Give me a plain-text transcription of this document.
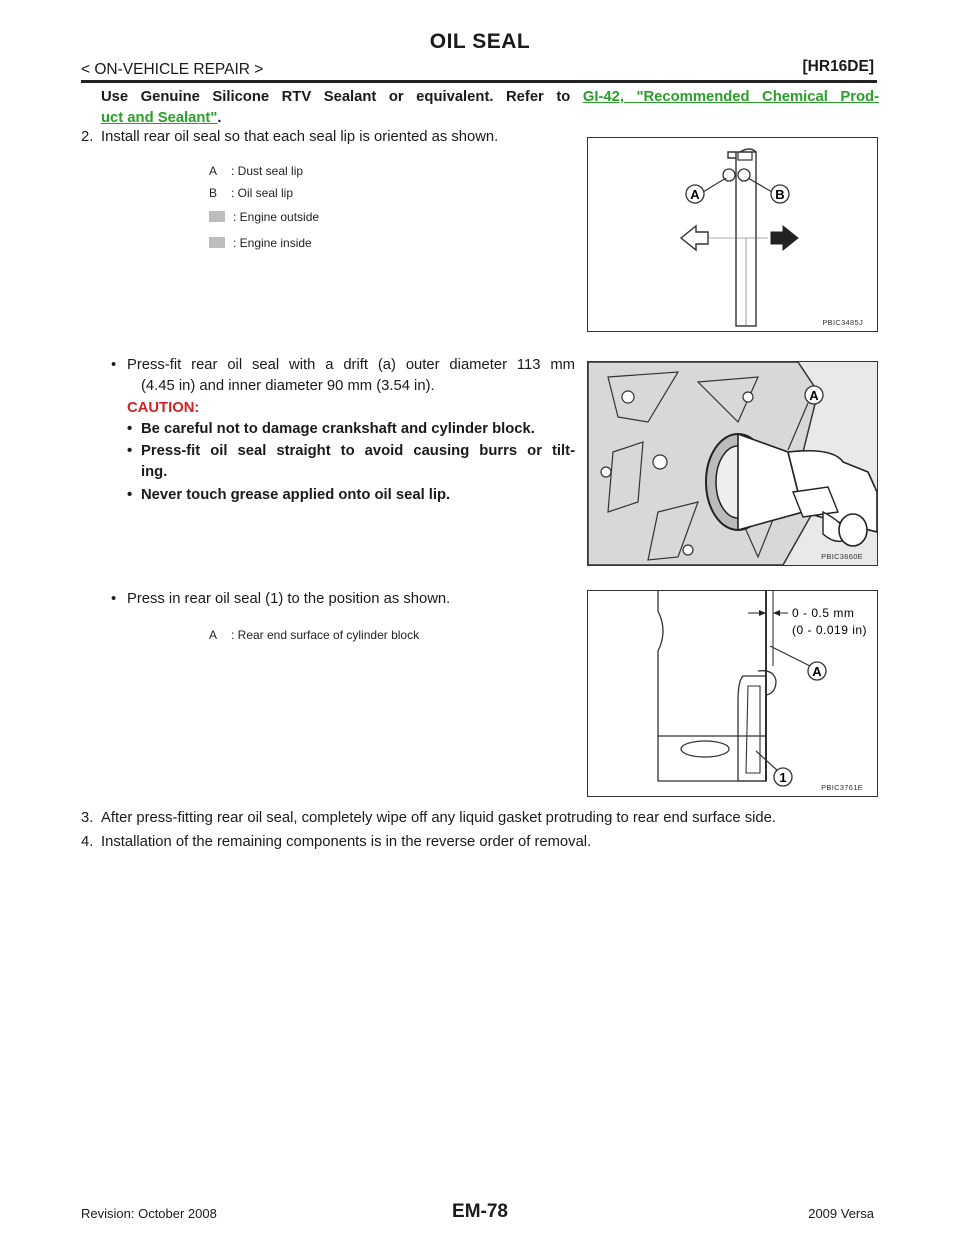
OIL SEAL
< ON-VEHICLE REPAIR >	[HR16DE]
Use Genuine Silicone RTV Sealant or equivalent. Refer to GI-42, "Recommended Chemical Prod-
uct and Sealant".
2. Install rear oil seal so that each seal lip is oriented as shown.
A : Dust seal lip
B : Oil seal lip
: Engine outside
: Engine inside
A	B
PBIC3485J
• Press-fit rear oil seal with a drift (a) outer diameter 113 mm
(4.45 in) and inner diameter 90 mm (3.54 in).
CAUTION:
• Be careful not to damage crankshaft and cylinder block.
• Press-fit oil seal straight to avoid causing burrs or tilt-
ing.
• Never touch grease applied onto oil seal lip.
A
PBIC3660E
• Press in rear oil seal (1) to the position as shown.
A : Rear end surface of cylinder block
0 - 0.5 mm
(0 - 0.019 in)
A
1
PBIC3761E
3. After press-fitting rear oil seal, completely wipe off any liquid gasket protruding to rear end surface side.
4. Installation of the remaining components is in the reverse order of removal.
Revision: October 2008	EM-78	2009 Versa
